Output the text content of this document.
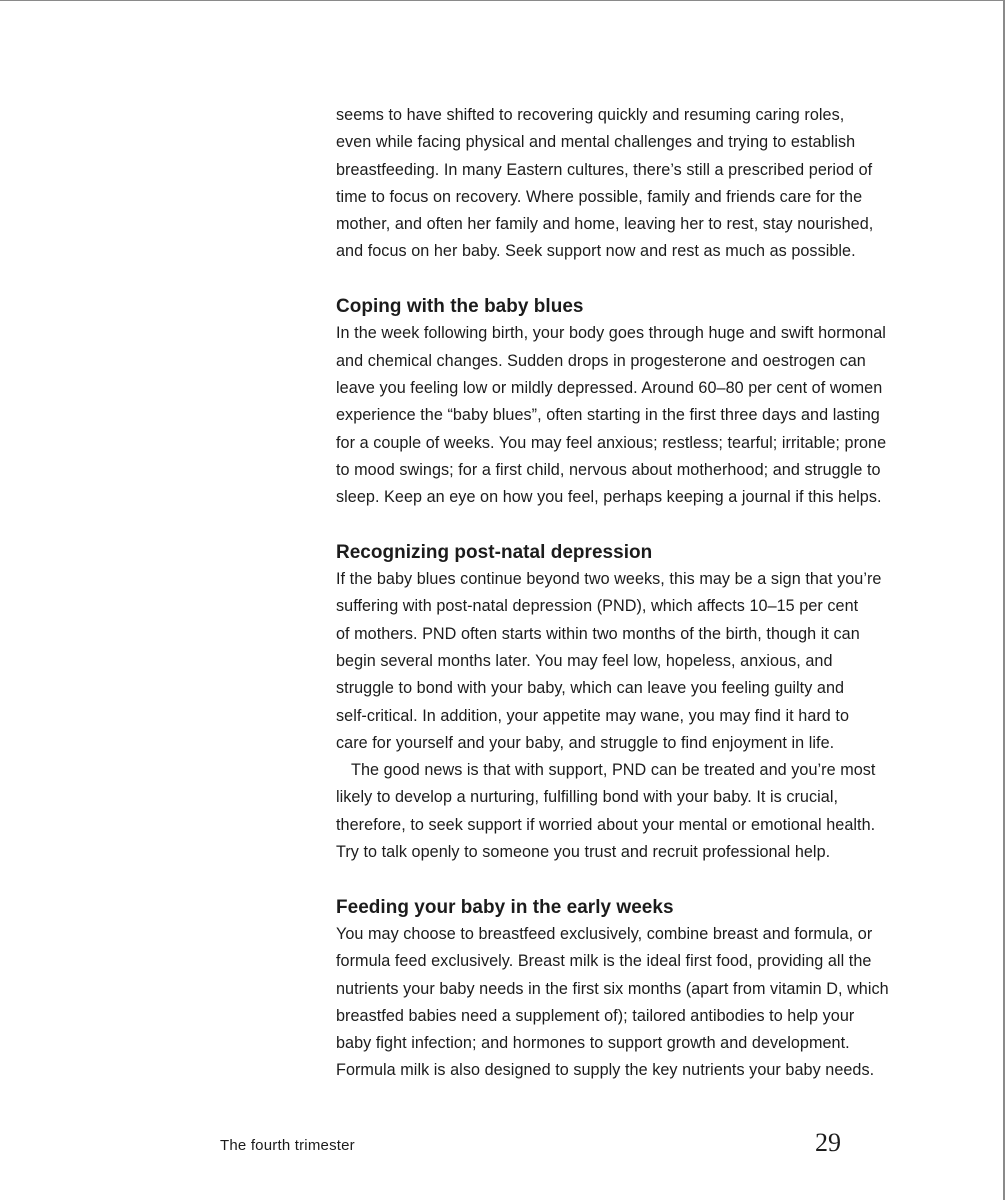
seems to have shifted to recovering quickly and resuming caring roles,
even while facing physical and mental challenges and trying to establish
breastfeeding. In many Eastern cultures, there’s still a prescribed period of
time to focus on recovery. Where possible, family and friends care for the
mother, and often her family and home, leaving her to rest, stay nourished,
and focus on her baby. Seek support now and rest as much as possible.

Coping with the baby blues

In the week following birth, your body goes through huge and swift hormonal
and chemical changes. Sudden drops in progesterone and oestrogen can
leave you feeling low or mildly depressed. Around 60–80 per cent of women
experience the “baby blues”, often starting in the first three days and lasting
for a couple of weeks. You may feel anxious; restless; tearful; irritable; prone
to mood swings; for a first child, nervous about motherhood; and struggle to
sleep. Keep an eye on how you feel, perhaps keeping a journal if this helps.

Recognizing post-natal depression

If the baby blues continue beyond two weeks, this may be a sign that you’re
suffering with post-natal depression (PND), which affects 10–15 per cent
of mothers. PND often starts within two months of the birth, though it can
begin several months later. You may feel low, hopeless, anxious, and
struggle to bond with your baby, which can leave you feeling guilty and
self-critical. In addition, your appetite may wane, you may find it hard to
care for yourself and your baby, and struggle to find enjoyment in life.

The good news is that with support, PND can be treated and you’re most
likely to develop a nurturing, fulfilling bond with your baby. It is crucial,
therefore, to seek support if worried about your mental or emotional health.
Try to talk openly to someone you trust and recruit professional help.

Feeding your baby in the early weeks

You may choose to breastfeed exclusively, combine breast and formula, or
formula feed exclusively. Breast milk is the ideal first food, providing all the
nutrients your baby needs in the first six months (apart from vitamin D, which
breastfed babies need a supplement of); tailored antibodies to help your
baby fight infection; and hormones to support growth and development.
Formula milk is also designed to supply the key nutrients your baby needs.

The fourth trimester	29
